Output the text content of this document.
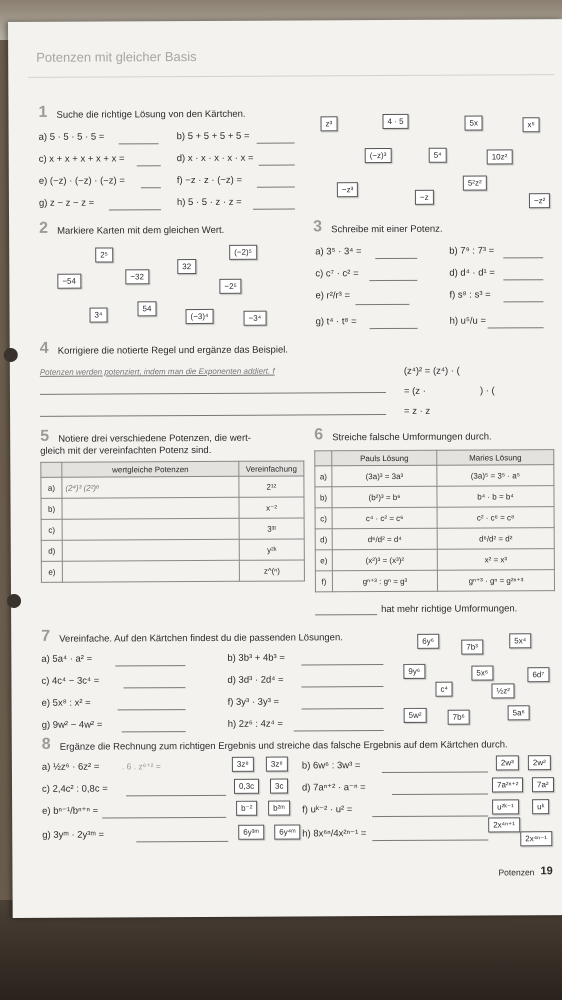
Potenzen mit gleicher Basis
1 Suche die richtige Lösung von den Kärtchen.
a) 5 · 5 · 5 · 5 =	b) 5 + 5 + 5 + 5 =
c) x + x + x + x + x =	d) x · x · x · x · x =
e) (−z) · (−z) · (−z) =	f) −z · z · (−z) =
g) z − z − z =	h) 5 · 5 · z · z =
z³	4 · 5	5x	x⁵
(−z)³	5⁴	10z²
5²z²
−z³
−z	−z²
2 Markiere Karten mit dem gleichen Wert.
2⁵	(−2)⁵
32
−54	−32
−2⁵
3⁴
54
(−3)⁴	−3⁴
3 Schreibe mit einer Potenz.
a) 3⁵ · 3⁴ =	b) 7⁹ : 7³ =
c) c⁷ · c² =	d) d⁴ · d¹ =
e) r²/r³ =	f) s⁸ : s³ =
g) t⁴ · t⁸ =	h) u⁵/u =
4 Korrigiere die notierte Regel und ergänze das Beispiel.
Potenzen werden potenziert, indem man die Exponenten addiert. f	(z⁴)² = (z⁴) · (
= (z ·	) · (
= z · z
5 Notiere drei verschiedene Potenzen, die wert-
gleich mit der vereinfachten Potenz sind.
	wertgleiche Potenzen	Vereinfachung
a)	(2⁴)³ (2²)⁶	2¹²
b)		x⁻²
c)		3³ᵗ
d)		y²ᵏ
e)		z^(ⁿ)
6 Streiche falsche Umformungen durch.
	Pauls Lösung	Maries Lösung
a)	(3a)³ = 3a³	(3a)⁵ = 3⁵ · a⁵
b)	(b²)³ = b⁶	b⁴ · b = b⁴
c)	c⁴ · c² = c⁶	c² · c⁶ = c⁸
d)	d⁶/d² = d⁴	d⁶/d² = d²
e)	(x²)³ = (x³)²	x² = x³
f)	gⁿ⁺³ : gⁿ = g³	gⁿ⁺³ · gⁿ = g²ⁿ⁺³
hat mehr richtige Umformungen.
7 Vereinfache. Auf den Kärtchen findest du die passenden Lösungen.
a) 5a⁴ · a² =	b) 3b³ + 4b³ =
c) 4c⁴ − 3c⁴ =	d) 3d³ · 2d⁴ =
e) 5x⁸ : x² =	f) 3y³ · 3y³ =
g) 9w² − 4w² =	h) 2z⁶ : 4z⁴ =
6y⁶
7b³
5x⁴
9y⁶	5x⁶	6d⁷
c⁴	½z²
5w²	7b⁶	5a⁶
8 Ergänze die Rechnung zum richtigen Ergebnis und streiche das falsche Ergebnis auf dem Kärtchen durch.
a) ½z⁶ · 6z² =	. 6 . z⁶⁺² =	3z⁸	3z⁸	b) 6w⁶ : 3w³ =	2w³	2w²
c) 2,4c² : 0,8c =	0,3c	3c	d) 7aⁿ⁺² · a⁻ⁿ =	7a²ⁿ⁺²	7a²
e) bⁿ⁻¹/bⁿ⁺ⁿ =	b⁻²	b²ᵐ	f) uᵏ⁻² · u² =	u²ᵏ⁻¹	uᵏ
g) 3yᵐ · 2y³ᵐ =	6y³ᵐ	6y⁴ᵐ h) 8x⁶ⁿ/4x²ⁿ⁻¹ =
2x⁴ⁿ⁺¹
2x⁴ⁿ⁻¹
Potenzen 19
